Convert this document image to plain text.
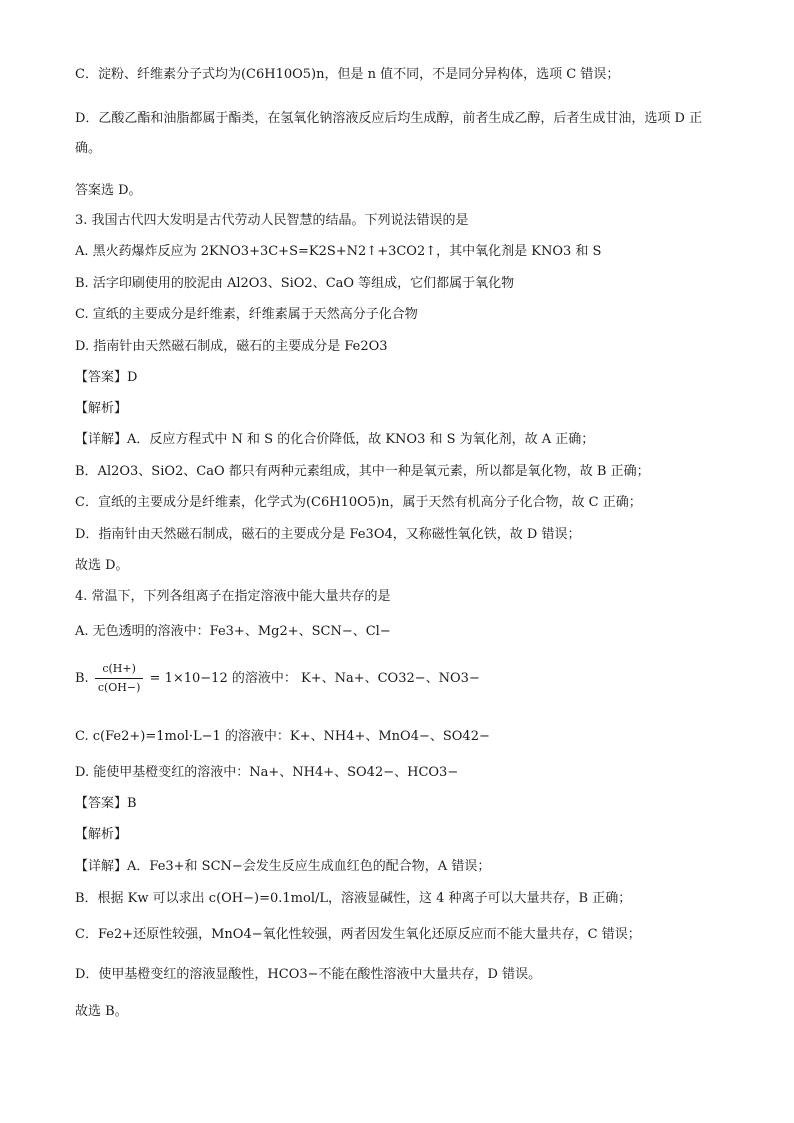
C．淀粉、纤维素分子式均为(C6H10O5)n，但是 n 值不同，不是同分异构体，选项 C 错误；
D．乙酸乙酯和油脂都属于酯类，在氢氧化钠溶液反应后均生成醇，前者生成乙醇，后者生成甘油，选项 D 正确。
答案选 D。
3. 我国古代四大发明是古代劳动人民智慧的结晶。下列说法错误的是
A. 黑火药爆炸反应为 2KNO3+3C+S=K2S+N2↑+3CO2↑，其中氧化剂是 KNO3 和 S
B. 活字印刷使用的胶泥由 Al2O3、SiO2、CaO 等组成，它们都属于氧化物
C. 宣纸的主要成分是纤维素，纤维素属于天然高分子化合物
D. 指南针由天然磁石制成，磁石的主要成分是 Fe2O3
【答案】D
【解析】
【详解】A．反应方程式中 N 和 S 的化合价降低，故 KNO3 和 S 为氧化剂，故 A 正确；
B．Al2O3、SiO2、CaO 都只有两种元素组成，其中一种是氧元素，所以都是氧化物，故 B 正确；
C．宣纸的主要成分是纤维素，化学式为(C6H10O5)n，属于天然有机高分子化合物，故 C 正确；
D．指南针由天然磁石制成，磁石的主要成分是 Fe3O4，又称磁性氧化铁，故 D 错误；
故选 D。
4. 常温下，下列各组离子在指定溶液中能大量共存的是
A. 无色透明的溶液中：Fe3+、Mg2+、SCN−、Cl−
B. $\frac{c(H+)}{c(OH-)} = 1\times 10-12$ 的溶液中： K+、Na+、CO32−、NO3−
C. c(Fe2+)=1mol·L−1 的溶液中：K+、NH4+、MnO4−、SO42−
D. 能使甲基橙变红的溶液中：Na+、NH4+、SO42−、HCO3−
【答案】B
【解析】
【详解】A．Fe3+和 SCN−会发生反应生成血红色的配合物，A 错误；
B．根据 Kw 可以求出 c(OH−)=0.1mol/L，溶液显碱性，这 4 种离子可以大量共存，B 正确；
C．Fe2+还原性较强，MnO4−氧化性较强，两者因发生氧化还原反应而不能大量共存，C 错误；
D．使甲基橙变红的溶液显酸性，HCO3−不能在酸性溶液中大量共存，D 错误。
故选 B。
